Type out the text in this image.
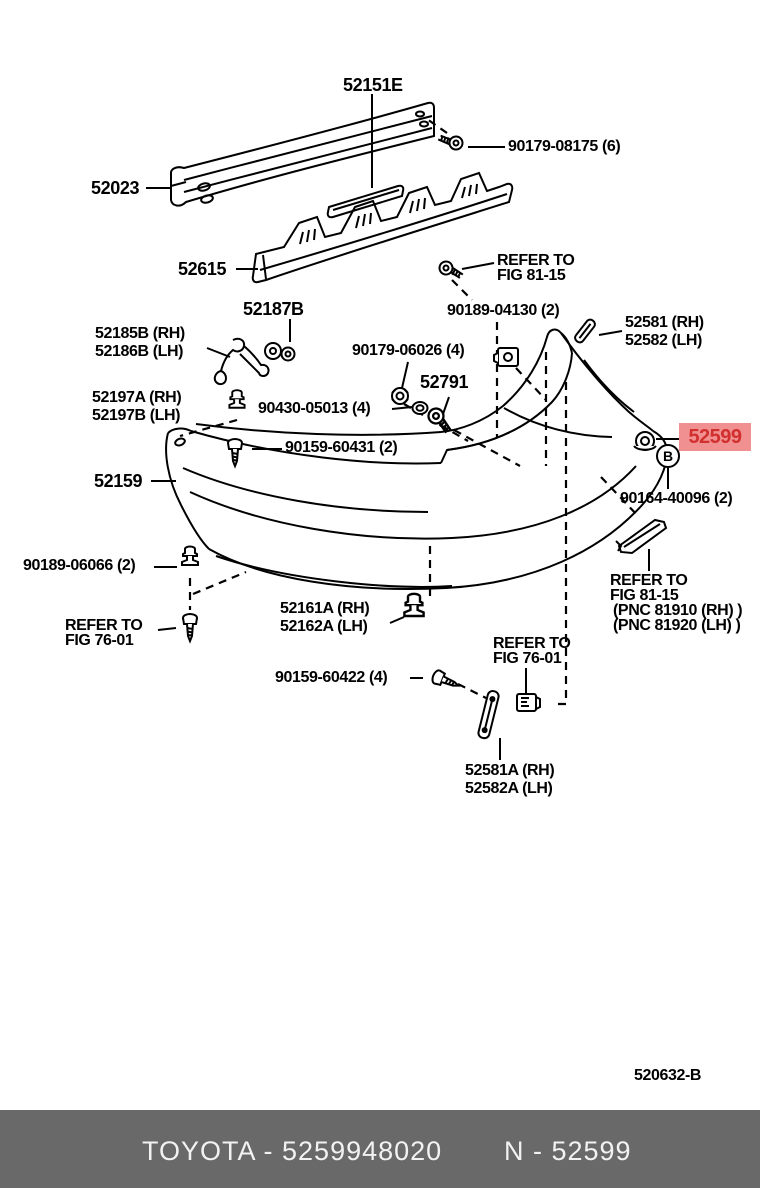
52151E
90179-08175 (6)
52023
52615	REFER TO
FIG 81-15
90189-04130 (2)
52187B
52185B (RH)
52186B (LH)
52581 (RH)
52582 (LH)
90179-06026 (4)
52791
52197A (RH)
52197B (LH)	90430-05013 (4)
90159-60431 (2)
52159
90164-40096 (2)
90189-06066 (2)
REFER TO
FIG 76-01
52161A (RH)
52162A (LH)
REFER TO
FIG 81-15
(PNC 81910 (RH) )
(PNC 81920 (LH) )
REFER TO
FIG 76-01
90159-60422 (4)
52581A (RH)
52582A (LH)
52599
B
520632-B
TOYOTA - 5259948020 N - 52599
